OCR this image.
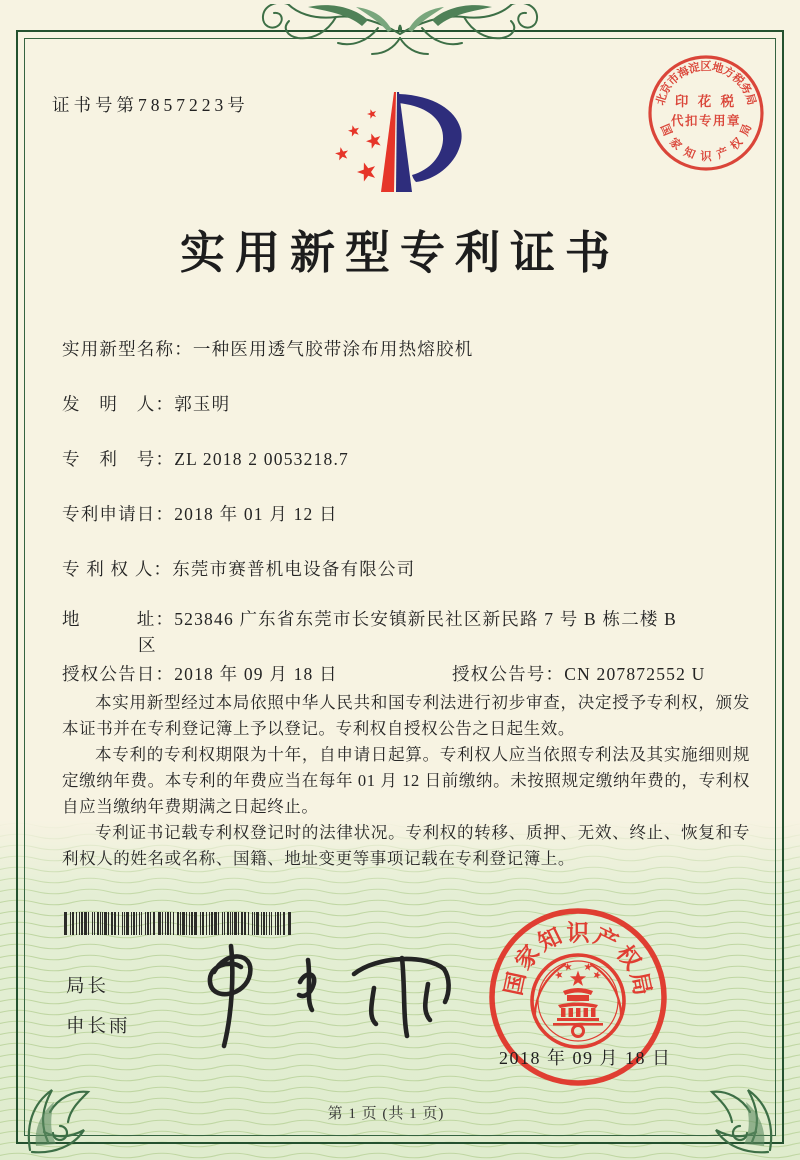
证书号第7857223号	北
京
市
海
淀
区
地
方
税
务
局
国
家
知 识 产
权
局
印 花 税
代扣专用章
实用新型专利证书
实用新型名称：一种医用透气胶带涂布用热熔胶机
发　明　人：郭玉明
专　利　号：ZL 2018 2 0053218.7
专利申请日：2018 年 01 月 12 日
专 利 权 人：东莞市赛普机电设备有限公司
地　　　址：523846 广东省东莞市长安镇新民社区新民路 7 号 B 栋二楼 B
区
授权公告日：2018 年 09 月 18 日	授权公告号：CN 207872552 U

本实用新型经过本局依照中华人民共和国专利法进行初步审查，决定授予专利权，颁发本证书并在专利登记簿上予以登记。专利权自授权公告之日起生效。

本专利的专利权期限为十年，自申请日起算。专利权人应当依照专利法及其实施细则规定缴纳年费。本专利的年费应当在每年 01 月 12 日前缴纳。未按照规定缴纳年费的，专利权自应当缴纳年费期满之日起终止。

专利证书记载专利权登记时的法律状况。专利权的转移、质押、无效、终止、恢复和专利权人的姓名或名称、国籍、地址变更等事项记载在专利登记簿上。

局长
申长雨
国
家
知 识 产
权
局
2018 年 09 月 18 日
第 1 页 (共 1 页)
